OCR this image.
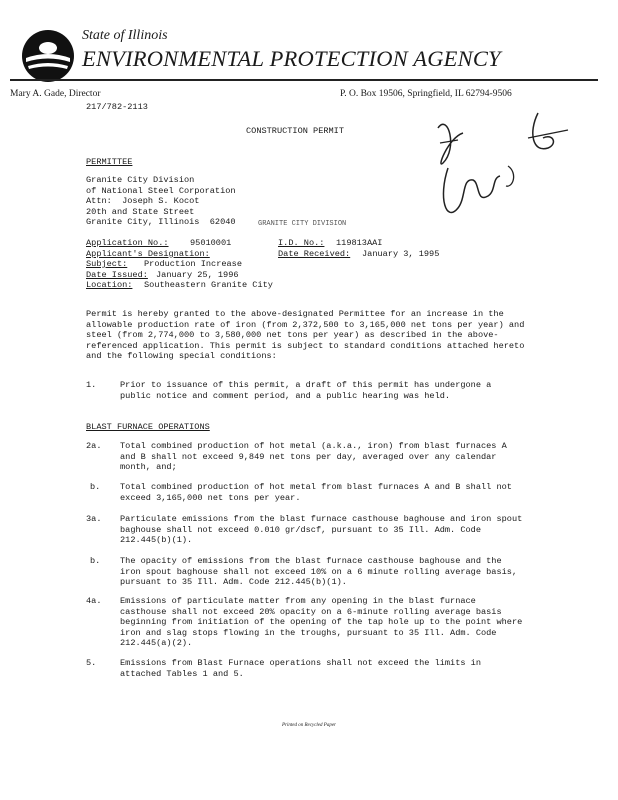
State of Illinois
ENVIRONMENTAL PROTECTION AGENCY
Mary A. Gade, Director	P. O. Box 19506, Springfield, IL 62794-9506
217/782-2113
CONSTRUCTION PERMIT
PERMITTEE
Granite City Division
of National Steel Corporation
Attn:  Joseph S. Kocot
20th and State Street
Granite City, Illinois  62040	GRANITE CITY DIVISION
Application No.: 95010001	I.D. No.: 119813AAI
Applicant's Designation:	Date Received: January 3, 1995
Subject: Production Increase
Date Issued: January 25, 1996
Location: Southeastern Granite City
Permit is hereby granted to the above-designated Permittee for an increase in the allowable production rate of iron (from 2,372,500 to 3,165,000 net tons per year) and steel (from 2,774,000 to 3,580,000 net tons per year) as described in the above-referenced application. This permit is subject to standard conditions attached hereto and the following special conditions:
1.	Prior to issuance of this permit, a draft of this permit has undergone a public notice and comment period, and a public hearing was held.
BLAST FURNACE OPERATIONS
2a. Total combined production of hot metal (a.k.a., iron) from blast furnaces A and B shall not exceed 9,849 net tons per day, averaged over any calendar month, and;
b. Total combined production of hot metal from blast furnaces A and B shall not exceed 3,165,000 net tons per year.
3a. Particulate emissions from the blast furnace casthouse baghouse and iron spout baghouse shall not exceed 0.010 gr/dscf, pursuant to 35 Ill. Adm. Code 212.445(b)(1).
b. The opacity of emissions from the blast furnace casthouse baghouse and the iron spout baghouse shall not exceed 10% on a 6 minute rolling average basis, pursuant to 35 Ill. Adm. Code 212.445(b)(1).
4a. Emissions of particulate matter from any opening in the blast furnace casthouse shall not exceed 20% opacity on a 6-minute rolling average basis beginning from initiation of the opening of the tap hole up to the point where iron and slag stops flowing in the troughs, pursuant to 35 Ill. Adm. Code 212.445(a)(2).
5.	Emissions from Blast Furnace operations shall not exceed the limits in attached Tables 1 and 5.
Printed on Recycled Paper
